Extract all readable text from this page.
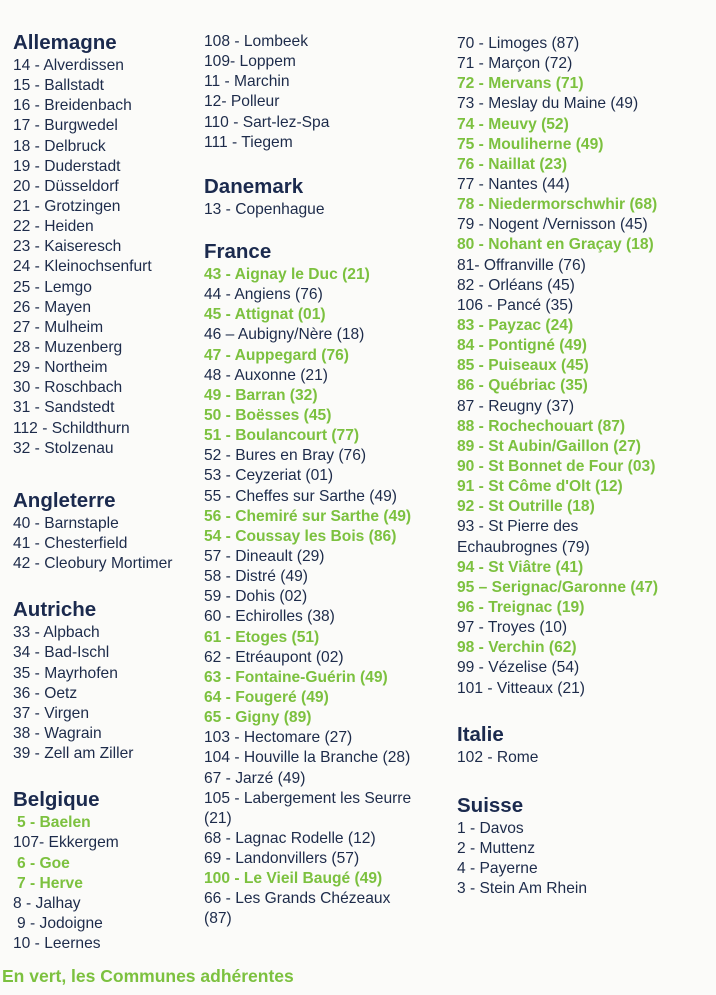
Allemagne
14 - Alverdissen
15 - Ballstadt
16 - Breidenbach
17 - Burgwedel
18 - Delbruck
19 - Duderstadt
20 - Düsseldorf
21 - Grotzingen
22 - Heiden
23 - Kaiseresch
24 - Kleinochsenfurt
25 - Lemgo
26 - Mayen
27 - Mulheim
28 - Muzenberg
29 - Northeim
30 - Roschbach
31 - Sandstedt
112 - Schildthurn
32 - Stolzenau
Angleterre
40 - Barnstaple
41 - Chesterfield
42 - Cleobury Mortimer
Autriche
33 - Alpbach
34 - Bad-Ischl
35 - Mayrhofen
36 - Oetz
37 - Virgen
38 - Wagrain
39 - Zell am Ziller
Belgique
5 - Baelen
107- Ekkergem
6 - Goe
7 - Herve
8 - Jalhay
9 - Jodoigne
10 - Leernes
108 - Lombeek
109- Loppem
11 - Marchin
12- Polleur
110 - Sart-lez-Spa
111 - Tiegem
Danemark
13 - Copenhague
France
43 - Aignay le Duc (21)
44 - Angiens (76)
45 - Attignat (01)
46 – Aubigny/Nère (18)
47 - Auppegard (76)
48 - Auxonne (21)
49 - Barran (32)
50 - Boësses (45)
51 - Boulancourt (77)
52 - Bures en Bray (76)
53 - Ceyzeriat (01)
55 - Cheffes sur Sarthe (49)
56 - Chemiré sur Sarthe (49)
54 - Coussay les Bois (86)
57 - Dineault (29)
58 - Distré (49)
59 - Dohis (02)
60 - Echirolles (38)
61 - Etoges (51)
62 - Etréaupont (02)
63 - Fontaine-Guérin (49)
64 - Fougeré (49)
65 - Gigny (89)
103 - Hectomare (27)
104 - Houville la Branche (28)
67 - Jarzé (49)
105 - Labergement les Seurre
(21)
68 - Lagnac Rodelle (12)
69 - Landonvillers (57)
100 - Le Vieil Baugé (49)
66 - Les Grands Chézeaux
(87)
70 - Limoges (87)
71 - Marçon (72)
72 - Mervans (71)
73 - Meslay du Maine (49)
74 - Meuvy (52)
75 - Mouliherne (49)
76 - Naillat (23)
77 - Nantes (44)
78 - Niedermorschwhir (68)
79 - Nogent /Vernisson (45)
80 - Nohant en Graçay (18)
81- Offranville (76)
82 - Orléans (45)
106 - Pancé (35)
83 - Payzac (24)
84 - Pontigné (49)
85 - Puiseaux (45)
86 - Québriac (35)
87 - Reugny (37)
88 - Rochechouart (87)
89 - St Aubin/Gaillon (27)
90 - St Bonnet de Four (03)
91 - St Côme d'Olt (12)
92 - St Outrille (18)
93 - St Pierre des
Echaubrognes (79)
94 - St Viâtre (41)
95 – Serignac/Garonne (47)
96 - Treignac (19)
97 - Troyes (10)
98 - Verchin (62)
99 - Vézelise (54)
101 - Vitteaux (21)
Italie
102 - Rome
Suisse
1 - Davos
2 - Muttenz
4 - Payerne
3 - Stein Am Rhein
En vert, les Communes adhérentes
